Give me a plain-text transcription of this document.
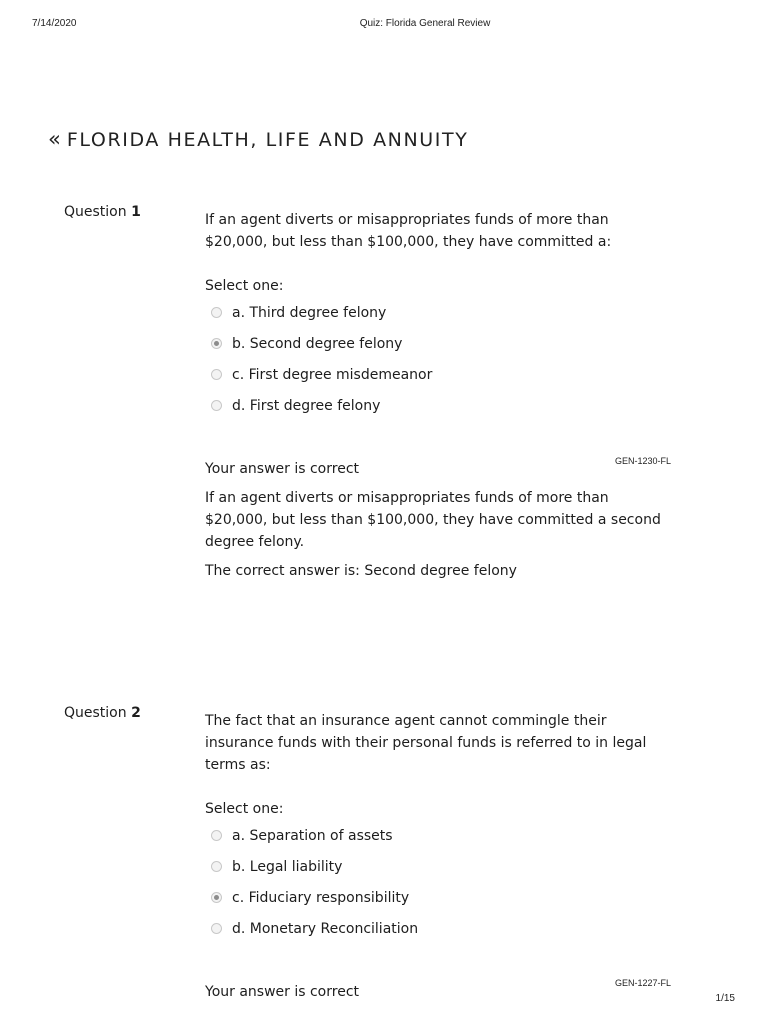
7/14/2020	Quiz: Florida General Review
« FLORIDA HEALTH, LIFE AND ANNUITY
Question 1	If an agent diverts or misappropriates funds of more than $20,000, but less than $100,000, they have committed a:

Select one:
a. Third degree felony
b. Second degree felony
c. First degree misdemeanor
d. First degree felony
GEN-1230-FL

Your answer is correct

If an agent diverts or misappropriates funds of more than $20,000, but less than $100,000, they have committed a second degree felony.

The correct answer is: Second degree felony

Question 2	The fact that an insurance agent cannot commingle their insurance funds with their personal funds is referred to in legal terms as:

Select one:
a. Separation of assets
b. Legal liability
c. Fiduciary responsibility
d. Monetary Reconciliation
GEN-1227-FL

Your answer is correct	1/15
